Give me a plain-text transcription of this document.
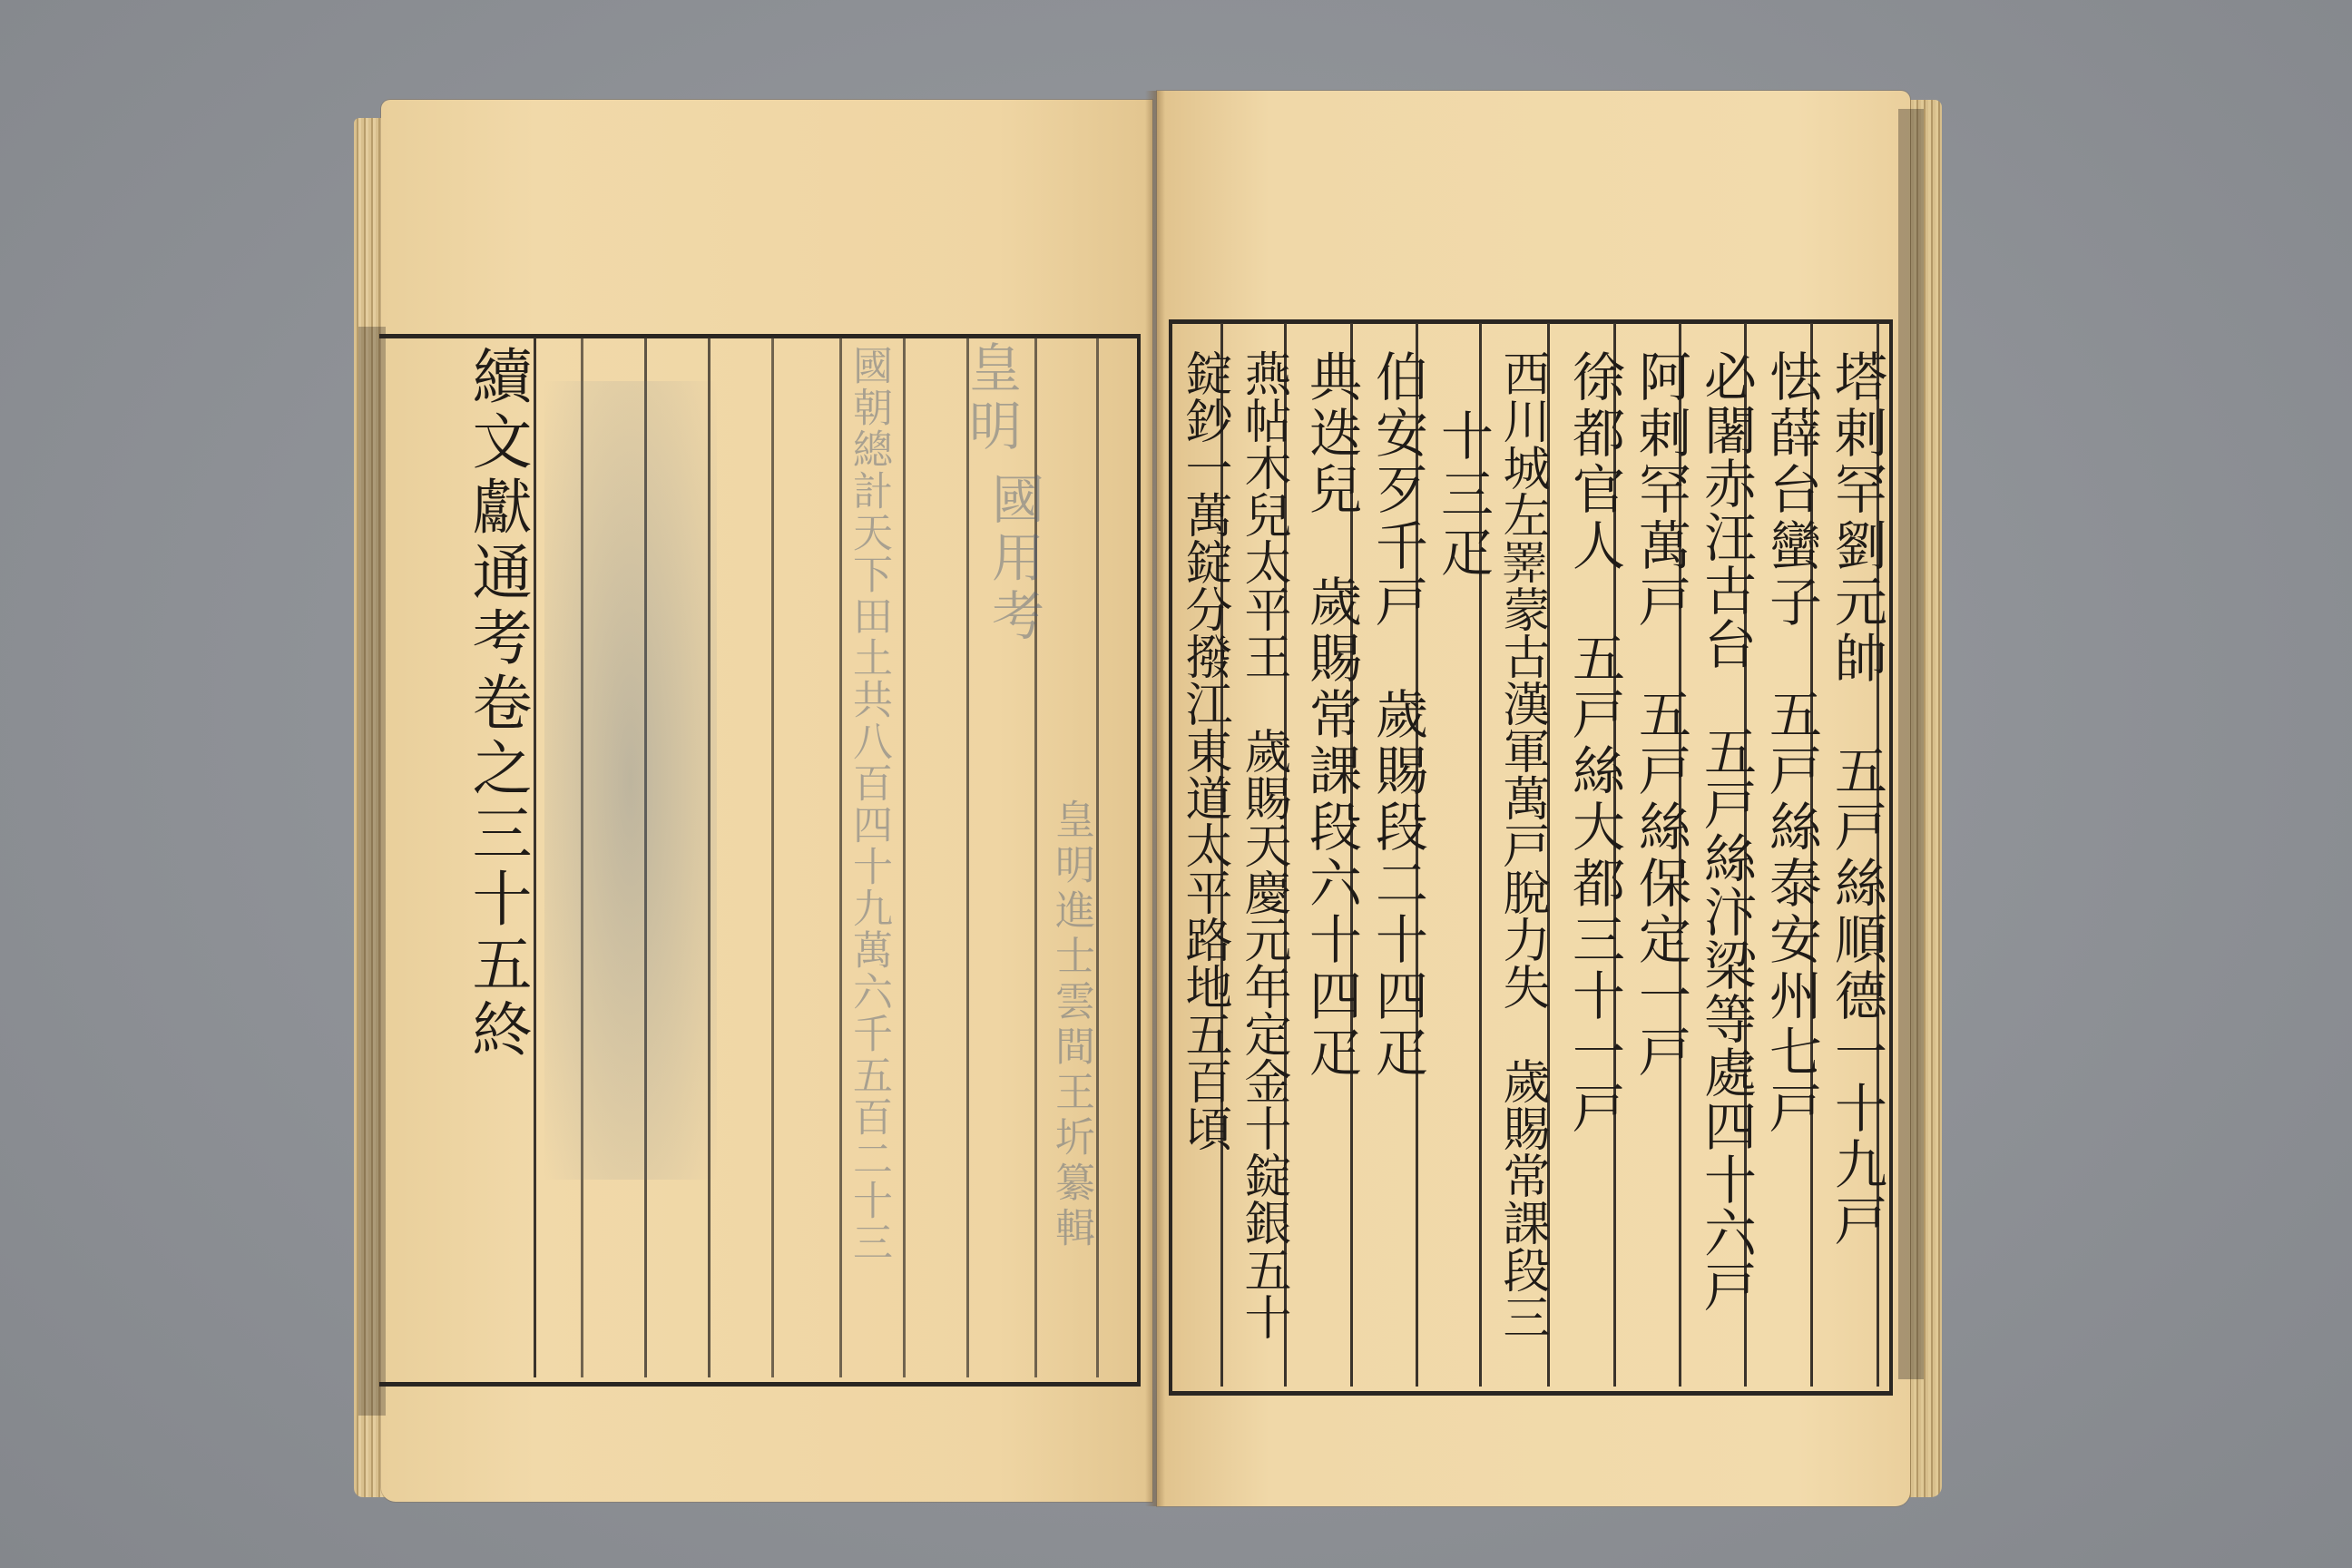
續文獻通考卷之三十五終	皇明
國朝總計天下田土共八百四十九萬六千五百二十三 國用考
皇明進士雲間王圻纂輯	塔剌罕劉元帥　五戸絲順德一十九戸
怯薛台蠻子　五戸絲泰安州七戸
必闍赤汪古台　五戸絲汴梁等處四十六戸
阿剌罕萬戸　五戸絲保定一戸
徐都官人　五戸絲大都三十一戸
西川城左𢍰蒙古漢軍萬戸脫力失　歲賜常課段三
十三疋
伯安歹千戸　歲賜段二十四疋
典迭兒　歲賜常課段六十四疋
燕帖木兒太平王　歲賜天慶元年定金十錠銀五十
錠鈔一萬錠分撥江東道太平路地五百頃
